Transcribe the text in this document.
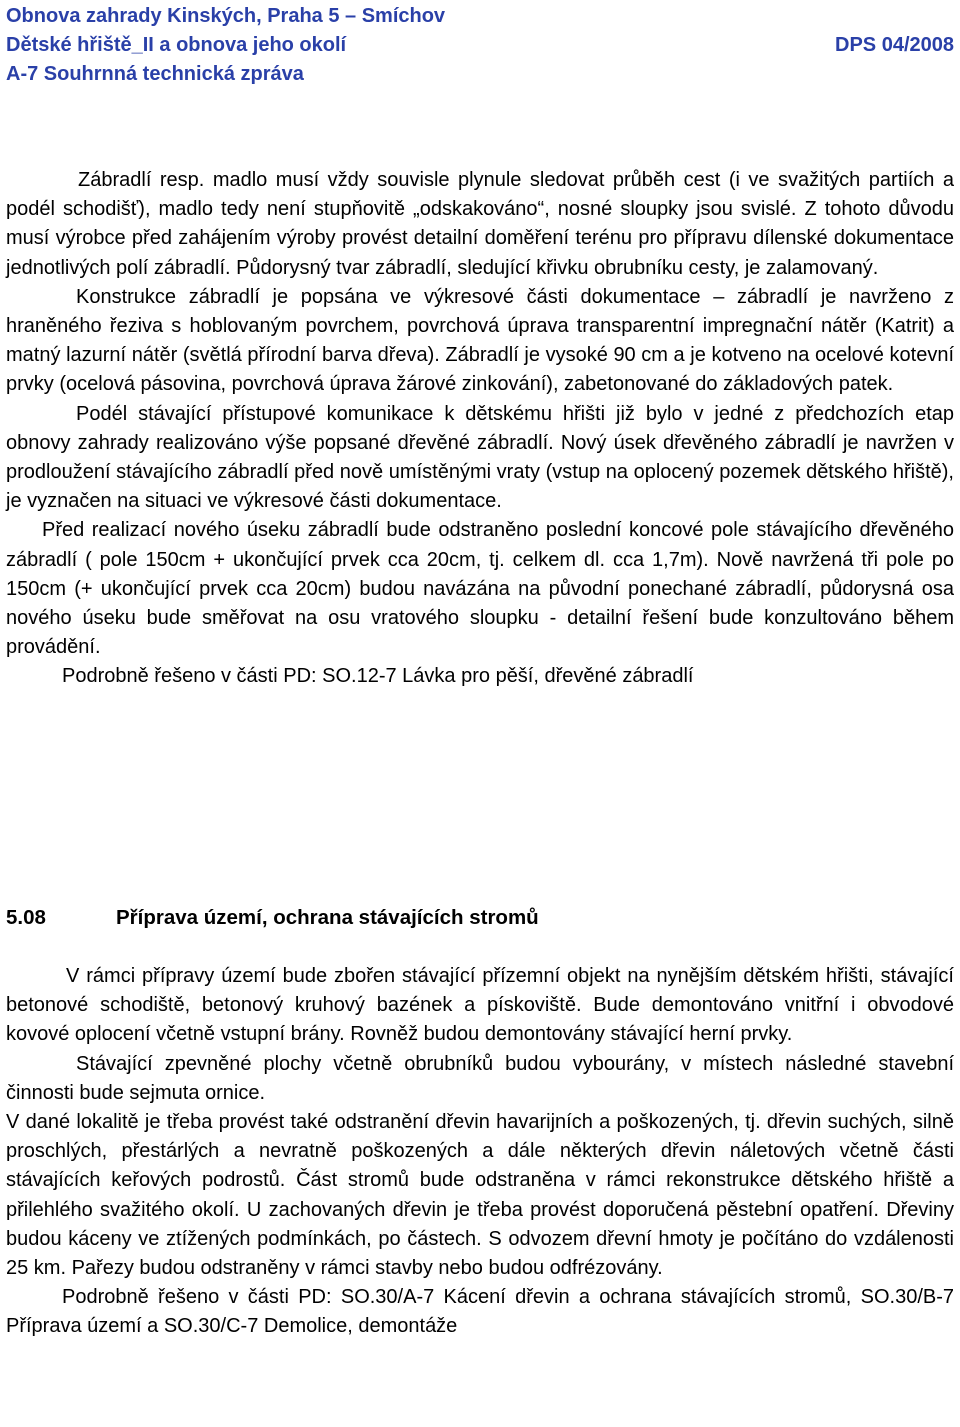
Obnova zahrady Kinských, Praha 5 – Smíchov
Dětské hřiště_II a obnova jeho okolí	DPS 04/2008
A-7 Souhrnná technická zpráva

Zábradlí resp. madlo musí vždy souvisle plynule sledovat průběh cest (i ve svažitých partiích a podél schodišť), madlo tedy není stupňovitě „odskakováno“, nosné sloupky jsou svislé. Z tohoto důvodu musí výrobce před zahájením výroby provést detailní doměření terénu pro přípravu dílenské dokumentace jednotlivých polí zábradlí. Půdorysný tvar zábradlí, sledující křivku obrubníku cesty, je zalamovaný.

Konstrukce zábradlí je popsána ve výkresové části dokumentace – zábradlí je navrženo z hraněného řeziva s hoblovaným povrchem, povrchová úprava transparentní impregnační nátěr (Katrit) a matný lazurní nátěr (světlá přírodní barva dřeva). Zábradlí je vysoké 90 cm a je kotveno na ocelové kotevní prvky (ocelová pásovina, povrchová úprava žárové zinkování), zabetonované do základových patek.

Podél stávající přístupové komunikace k dětskému hřišti již bylo v jedné z předchozích etap obnovy zahrady realizováno výše popsané dřevěné zábradlí. Nový úsek dřevěného zábradlí je navržen v prodloužení stávajícího zábradlí před nově umístěnými vraty (vstup na oplocený pozemek dětského hřiště), je vyznačen na situaci ve výkresové části dokumentace.

Před realizací nového úseku zábradlí bude odstraněno poslední koncové pole stávajícího dřevěného zábradlí ( pole 150cm + ukončující prvek cca 20cm, tj. celkem dl. cca 1,7m). Nově navržená tři pole po 150cm (+ ukončující prvek cca 20cm) budou navázána na původní ponechané zábradlí, půdorysná osa nového úseku bude směřovat na osu vratového sloupku - detailní řešení bude konzultováno během provádění.

Podrobně řešeno v části PD: SO.12-7 Lávka pro pěší, dřevěné zábradlí

5.08	Příprava území, ochrana stávajících stromů

V rámci přípravy území bude zbořen stávající přízemní objekt na nynějším dětském hřišti, stávající betonové schodiště, betonový kruhový bazének a pískoviště. Bude demontováno vnitřní i obvodové kovové oplocení včetně vstupní brány. Rovněž budou demontovány stávající herní prvky.

Stávající zpevněné plochy včetně obrubníků budou vybourány, v místech následné stavební činnosti bude sejmuta ornice.

V dané lokalitě je třeba provést také odstranění dřevin havarijních a poškozených, tj. dřevin suchých, silně proschlých, přestárlých a nevratně poškozených a dále některých dřevin náletových včetně části stávajících keřových podrostů. Část stromů bude odstraněna v rámci rekonstrukce dětského hřiště a přilehlého svažitého okolí. U zachovaných dřevin je třeba provést doporučená pěstební opatření. Dřeviny budou káceny ve ztížených podmínkách, po částech. S odvozem dřevní hmoty je počítáno do vzdálenosti 25 km. Pařezy budou odstraněny v rámci stavby nebo budou odfrézovány.

Podrobně řešeno v části PD: SO.30/A-7 Kácení dřevin a ochrana stávajících stromů, SO.30/B-7 Příprava území a SO.30/C-7 Demolice, demontáže
